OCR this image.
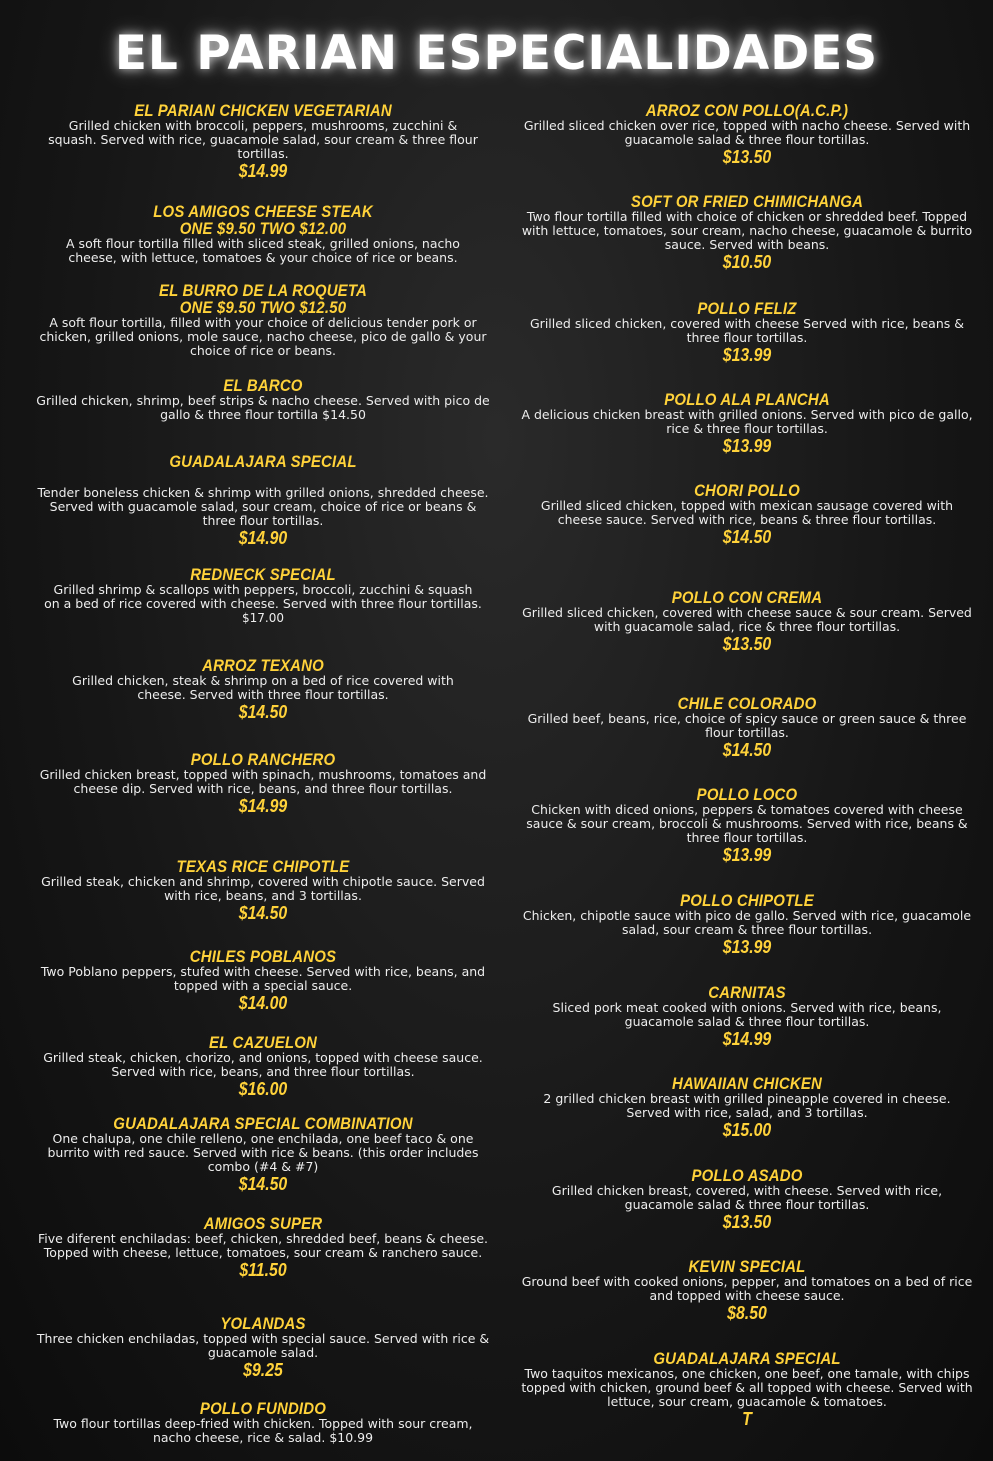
EL PARIAN ESPECIALIDADES
EL PARIAN CHICKEN VEGETARIAN
Grilled chicken with broccoli, peppers, mushrooms, zucchini & squash. Served with rice, guacamole salad, sour cream & three flour tortillas.
$14.99
LOS AMIGOS CHEESE STEAK
ONE $9.50 TWO $12.00
A soft flour tortilla filled with sliced steak, grilled onions, nacho cheese, with lettuce, tomatoes & your choice of rice or beans.
EL BURRO DE LA ROQUETA
ONE $9.50 TWO $12.50
A soft flour tortilla, filled with your choice of delicious tender pork or chicken, grilled onions, mole sauce, nacho cheese, pico de gallo & your choice of rice or beans.
EL BARCO
Grilled chicken, shrimp, beef strips & nacho cheese. Served with pico de gallo & three flour tortilla $14.50
GUADALAJARA SPECIAL
Tender boneless chicken & shrimp with grilled onions, shredded cheese. Served with guacamole salad, sour cream, choice of rice or beans & three flour tortillas.
$14.90
REDNECK SPECIAL
Grilled shrimp & scallops with peppers, broccoli, zucchini & squash on a bed of rice covered with cheese. Served with three flour tortillas.
$17.00
ARROZ TEXANO
Grilled chicken, steak & shrimp on a bed of rice covered with cheese. Served with three flour tortillas.
$14.50
POLLO RANCHERO
Grilled chicken breast, topped with spinach, mushrooms, tomatoes and cheese dip. Served with rice, beans, and three flour tortillas.
$14.99
TEXAS RICE CHIPOTLE
Grilled steak, chicken and shrimp, covered with chipotle sauce. Served with rice, beans, and 3 tortillas.
$14.50
CHILES POBLANOS
Two Poblano peppers, stufed with cheese. Served with rice, beans, and topped with a special sauce.
$14.00
EL CAZUELON
Grilled steak, chicken, chorizo, and onions, topped with cheese sauce. Served with rice, beans, and three flour tortillas.
$16.00
GUADALAJARA SPECIAL COMBINATION
One chalupa, one chile relleno, one enchilada, one beef taco & one burrito with red sauce. Served with rice & beans. (this order includes combo (#4 & #7)
$14.50
AMIGOS SUPER
Five diferent enchiladas: beef, chicken, shredded beef, beans & cheese. Topped with cheese, lettuce, tomatoes, sour cream & ranchero sauce.
$11.50
YOLANDAS
Three chicken enchiladas, topped with special sauce. Served with rice & guacamole salad.
$9.25
POLLO FUNDIDO
Two flour tortillas deep-fried with chicken. Topped with sour cream, nacho cheese, rice & salad. $10.99
ARROZ CON POLLO(A.C.P.)
Grilled sliced chicken over rice, topped with nacho cheese. Served with guacamole salad & three flour tortillas.
$13.50
SOFT OR FRIED CHIMICHANGA
Two flour tortilla filled with choice of chicken or shredded beef. Topped with lettuce, tomatoes, sour cream, nacho cheese, guacamole & burrito sauce. Served with beans.
$10.50
POLLO FELIZ
Grilled sliced chicken, covered with cheese Served with rice, beans & three flour tortillas.
$13.99
POLLO ALA PLANCHA
A delicious chicken breast with grilled onions. Served with pico de gallo, rice & three flour tortillas.
$13.99
CHORI POLLO
Grilled sliced chicken, topped with mexican sausage covered with cheese sauce. Served with rice, beans & three flour tortillas.
$14.50
POLLO CON CREMA
Grilled sliced chicken, covered with cheese sauce & sour cream. Served with guacamole salad, rice & three flour tortillas.
$13.50
CHILE COLORADO
Grilled beef, beans, rice, choice of spicy sauce or green sauce & three flour tortillas.
$14.50
POLLO LOCO
Chicken with diced onions, peppers & tomatoes covered with cheese sauce & sour cream, broccoli & mushrooms. Served with rice, beans & three flour tortillas.
$13.99
POLLO CHIPOTLE
Chicken, chipotle sauce with pico de gallo. Served with rice, guacamole salad, sour cream & three flour tortillas.
$13.99
CARNITAS
Sliced pork meat cooked with onions. Served with rice, beans, guacamole salad & three flour tortillas.
$14.99
HAWAIIAN CHICKEN
2 grilled chicken breast with grilled pineapple covered in cheese. Served with rice, salad, and 3 tortillas.
$15.00
POLLO ASADO
Grilled chicken breast, covered, with cheese. Served with rice, guacamole salad & three flour tortillas.
$13.50
KEVIN SPECIAL
Ground beef with cooked onions, pepper, and tomatoes on a bed of rice and topped with cheese sauce.
$8.50
GUADALAJARA SPECIAL
Two taquitos mexicanos, one chicken, one beef, one tamale, with chips topped with chicken, ground beef & all topped with cheese. Served with lettuce, sour cream, guacamole & tomatoes.
T
